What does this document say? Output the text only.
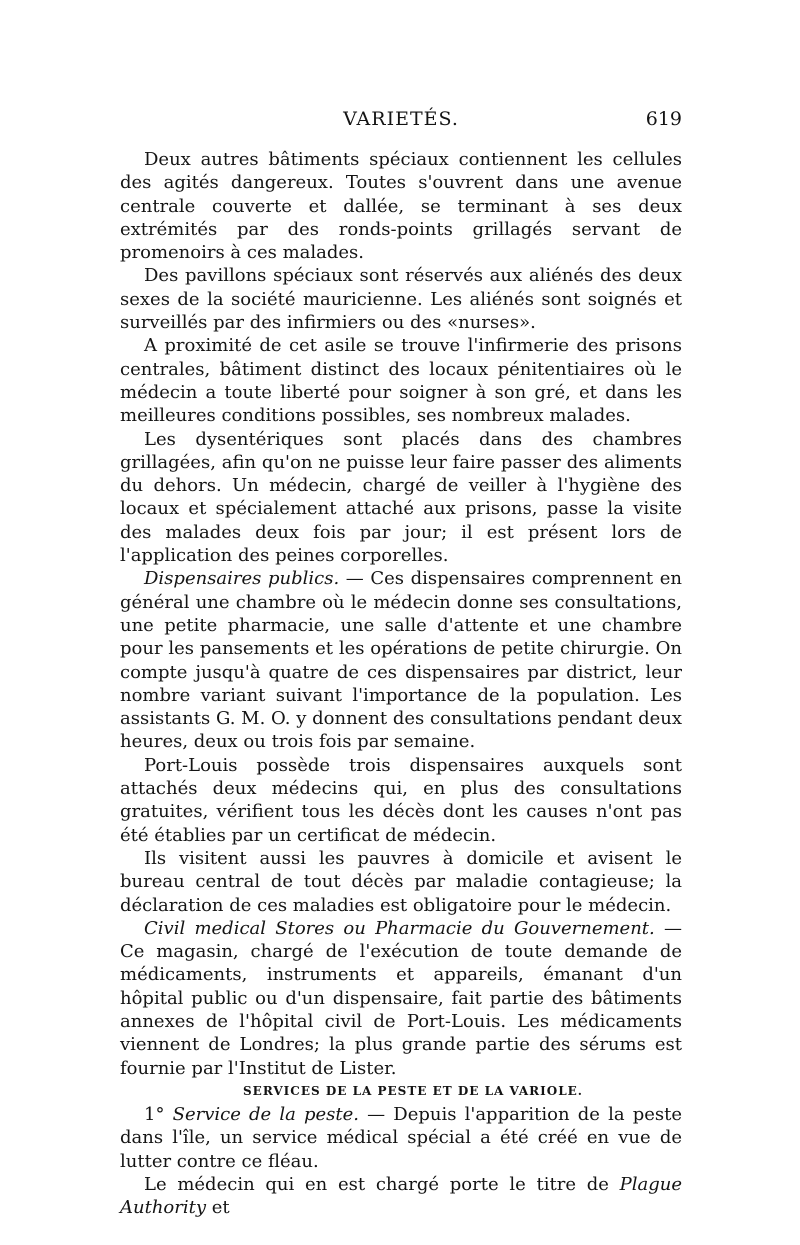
VARIETÉS.	619

Deux autres bâtiments spéciaux contiennent les cellules des agités dangereux. Toutes s'ouvrent dans une avenue centrale couverte et dallée, se terminant à ses deux extrémités par des ronds-points grillagés servant de promenoirs à ces malades.

Des pavillons spéciaux sont réservés aux aliénés des deux sexes de la société mauricienne. Les aliénés sont soignés et surveillés par des infirmiers ou des «nurses».

A proximité de cet asile se trouve l'infirmerie des prisons centrales, bâtiment distinct des locaux pénitentiaires où le médecin a toute liberté pour soigner à son gré, et dans les meilleures conditions possibles, ses nombreux malades.

Les dysentériques sont placés dans des chambres grillagées, afin qu'on ne puisse leur faire passer des aliments du dehors. Un médecin, chargé de veiller à l'hygiène des locaux et spécialement attaché aux prisons, passe la visite des malades deux fois par jour; il est présent lors de l'application des peines corporelles.

Dispensaires publics. — Ces dispensaires comprennent en général une chambre où le médecin donne ses consultations, une petite pharmacie, une salle d'attente et une chambre pour les pansements et les opérations de petite chirurgie. On compte jusqu'à quatre de ces dispensaires par district, leur nombre variant suivant l'importance de la population. Les assistants G. M. O. y donnent des consultations pendant deux heures, deux ou trois fois par semaine.

Port-Louis possède trois dispensaires auxquels sont attachés deux médecins qui, en plus des consultations gratuites, vérifient tous les décès dont les causes n'ont pas été établies par un certificat de médecin.

Ils visitent aussi les pauvres à domicile et avisent le bureau central de tout décès par maladie contagieuse; la déclaration de ces maladies est obligatoire pour le médecin.

Civil medical Stores ou Pharmacie du Gouvernement. — Ce magasin, chargé de l'exécution de toute demande de médicaments, instruments et appareils, émanant d'un hôpital public ou d'un dispensaire, fait partie des bâtiments annexes de l'hôpital civil de Port-Louis. Les médicaments viennent de Londres; la plus grande partie des sérums est fournie par l'Institut de Lister.

SERVICES DE LA PESTE ET DE LA VARIOLE.

1° Service de la peste. — Depuis l'apparition de la peste dans l'île, un service médical spécial a été créé en vue de lutter contre ce fléau.

Le médecin qui en est chargé porte le titre de Plague Authority et
